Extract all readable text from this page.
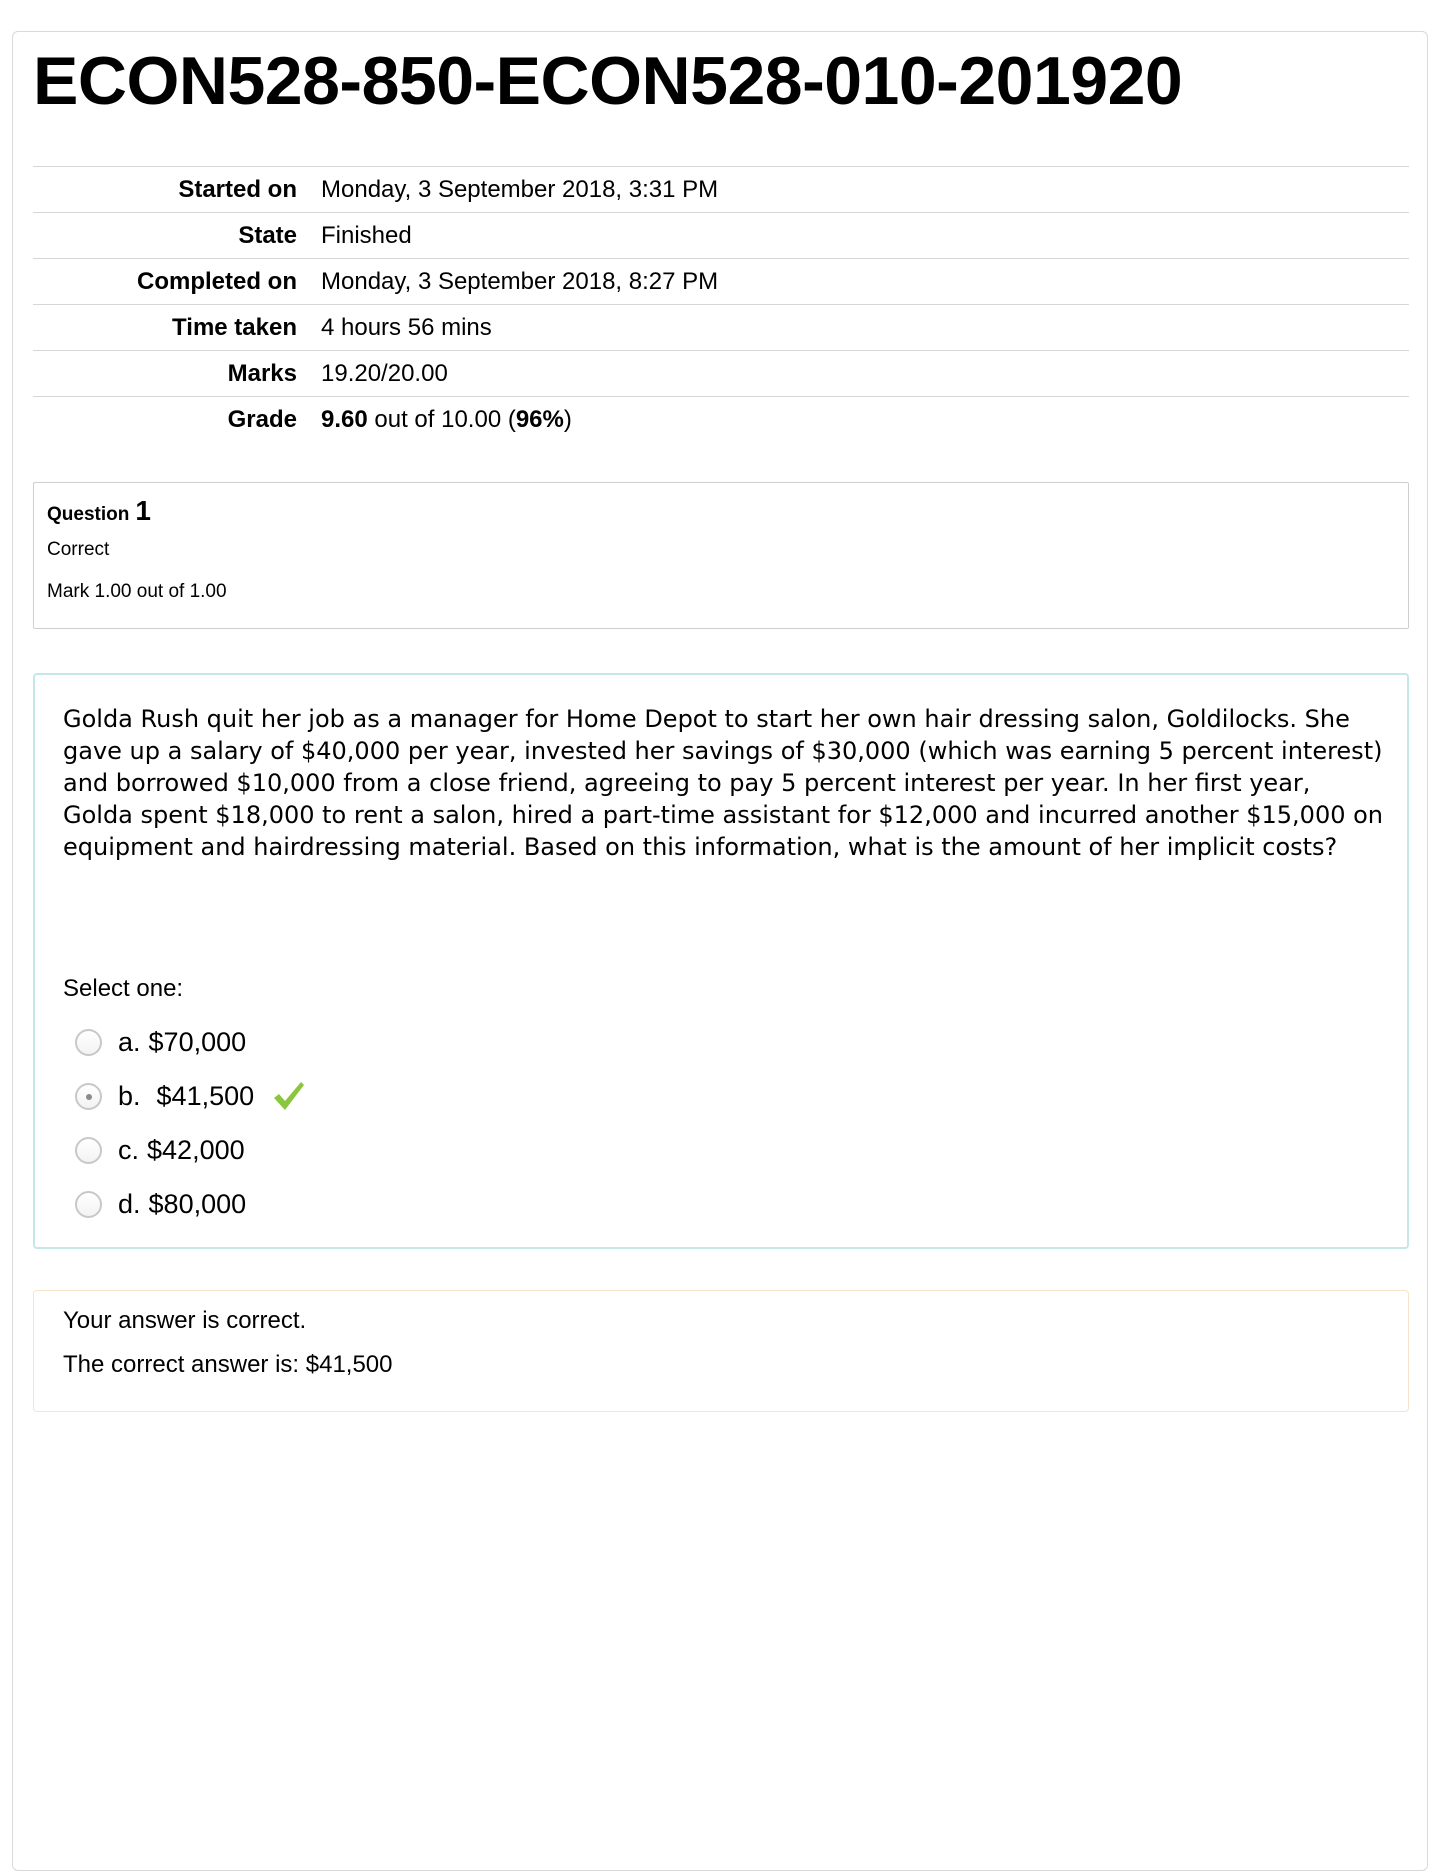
ECON528-850-ECON528-010-201920
Started on	Monday, 3 September 2018, 3:31 PM
State	Finished
Completed on	Monday, 3 September 2018, 8:27 PM
Time taken	4 hours 56 mins
Marks	19.20/20.00
Grade	9.60 out of 10.00 (96%)
Question 1
Correct
Mark 1.00 out of 1.00
Golda Rush quit her job as a manager for Home Depot to start her own hair dressing salon, Goldilocks. She gave up a salary of $40,000 per year, invested her savings of $30,000 (which was earning 5 percent interest) and borrowed $10,000 from a close friend, agreeing to pay 5 percent interest per year. In her first year, Golda spent $18,000 to rent a salon, hired a part-time assistant for $12,000 and incurred another $15,000 on equipment and hairdressing material. Based on this information, what is the amount of her implicit costs?
Select one:
a. $70,000
b. $41,500
c. $42,000
d. $80,000
Your answer is correct.
The correct answer is: $41,500
